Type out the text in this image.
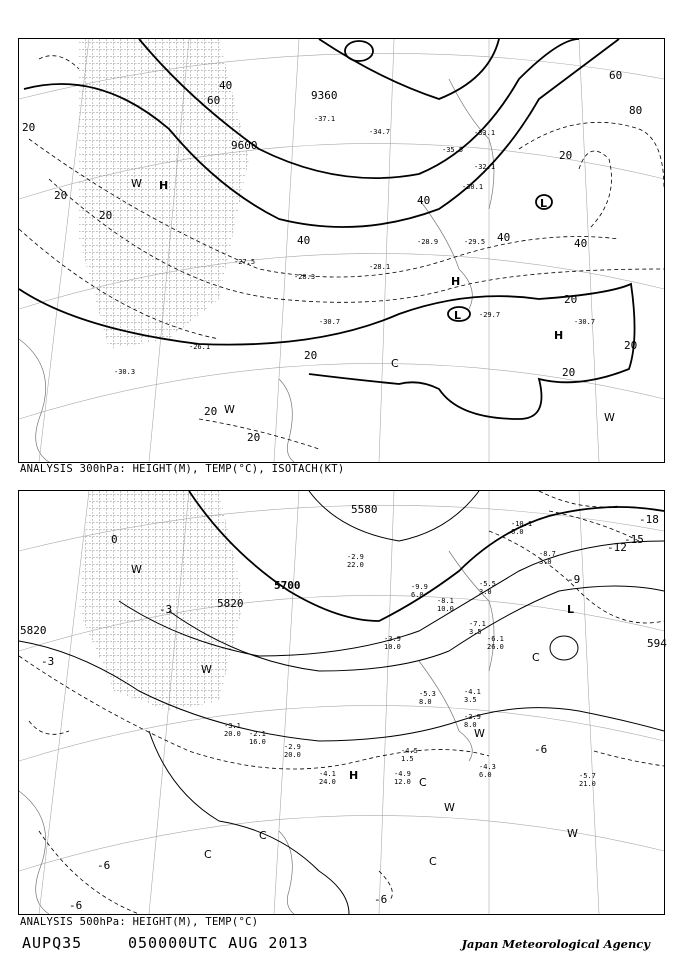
9360
9600
20
20
20
20
20
20
20
20
20
20
40
40
40	40
40
60
60
80
H
H
H
L
L
W
W
W
C
-26.1
-28.1
-28.3
-30.7
-29.7
-30.7
-33.1
-35.5
-37.1
-29.5
-27.5
-30.3
-34.7
-32.1
-28.9
-30.1
ANALYSIS 300hPa: HEIGHT(M), TEMP(°C), ISOTACH(KT)
5580
5700
5820
5820
594
-3
-6
-9
-12
-15
-18
0
-3
-6
-6
-6
H
L
W
W
W
W
W
C
C
C
C
C
-5.5
3.0
-7.1
3.5
-6.1
26.0
-4.1
3.5
-3.9
8.0
-4.5
1.5
-4.9
12.0
-4.3
6.0	-5.7
21.0
-9.9
6.0
-8.1
10.0
-2.9
22.0
-3.1
20.0 -2.1
16.0
-2.9
20.0
-4.1
24.0
-3.9
10.0
-5.3
8.0
-10.1
6.0
-8.7
3.0
ANALYSIS 500hPa: HEIGHT(M), TEMP(°C)
AUPQ35	050000UTC AUG 2013	Japan Meteorological Agency
